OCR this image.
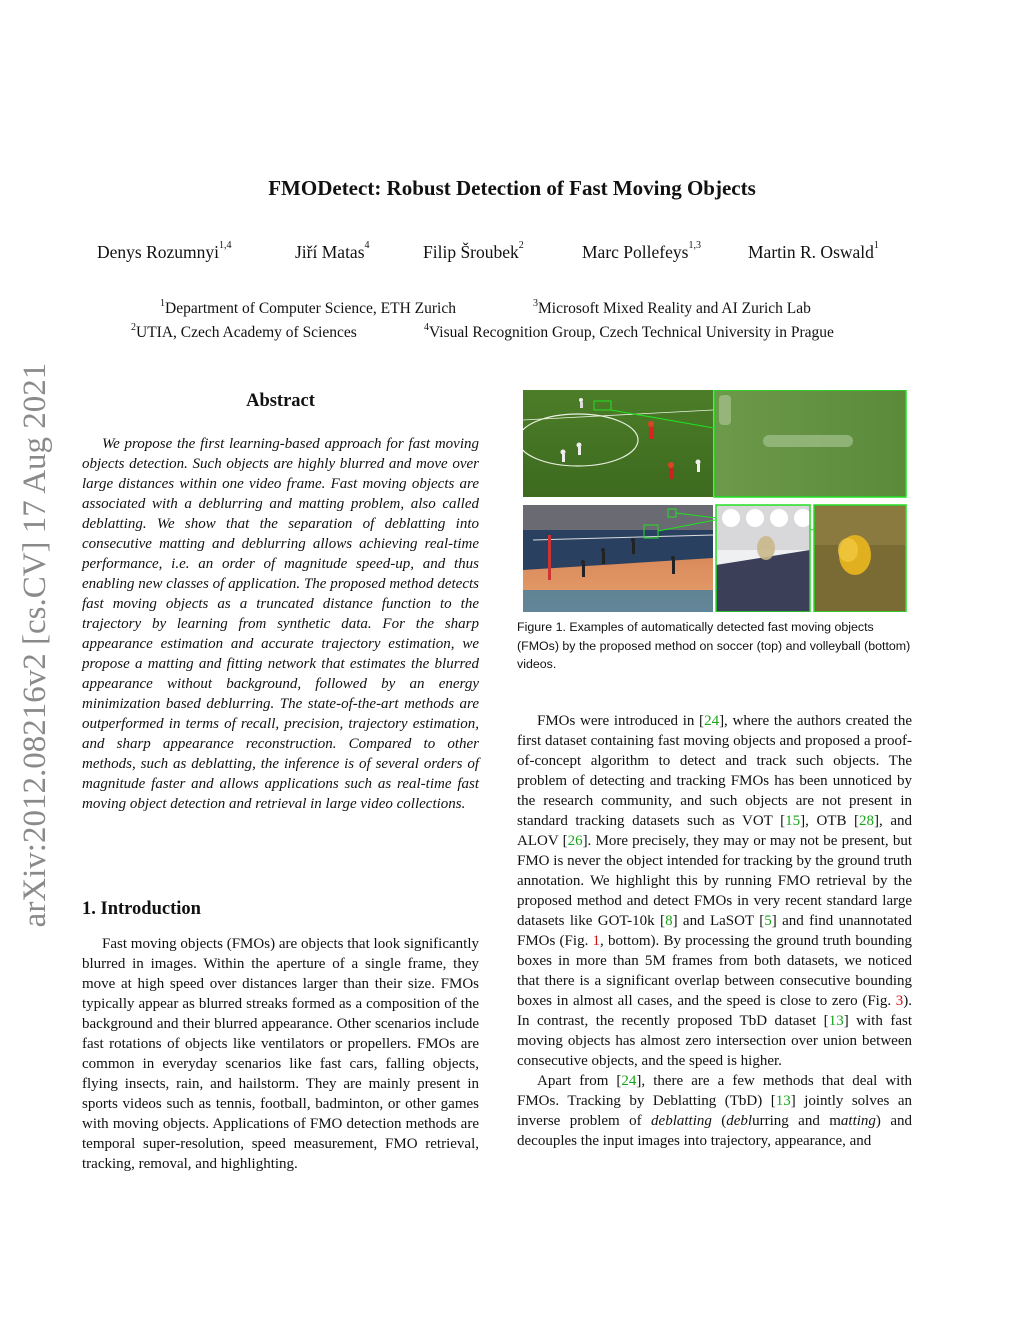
FMODetect: Robust Detection of Fast Moving Objects
Denys Rozumnyi$^{1,4}$	Jiří Matas$^4$	Filip Šroubek$^2$	Marc Pollefeys$^{1,3}$	Martin R. Oswald$^1$
$^1$Department of Computer Science, ETH Zurich	$^3$Microsoft Mixed Reality and AI Zurich Lab
$^2$UTIA, Czech Academy of Sciences	$^4$Visual Recognition Group, Czech Technical University in Prague
arXiv:2012.08216v2 [cs.CV] 17 Aug 2021	Abstract
We propose the first learning-based approach for fast moving objects detection. Such objects are highly blurred and move over large distances within one video frame. Fast moving objects are associated with a deblurring and matting problem, also called deblatting. We show that the separation of deblatting into consecutive matting and deblurring allows achieving real-time performance, i.e. an order of magnitude speed-up, and thus enabling new classes of application. The proposed method detects fast moving objects as a truncated distance function to the trajectory by learning from synthetic data. For the sharp appearance estimation and accurate trajectory estimation, we propose a matting and fitting network that estimates the blurred appearance without background, followed by an energy minimization based deblurring. The state-of-the-art methods are outperformed in terms of recall, precision, trajectory estimation, and sharp appearance reconstruction. Compared to other methods, such as deblatting, the inference is of several orders of magnitude faster and allows applications such as real-time fast moving object detection and retrieval in large video collections.
1. Introduction
Fast moving objects (FMOs) are objects that look significantly blurred in images. Within the aperture of a single frame, they move at high speed over distances larger than their size. FMOs typically appear as blurred streaks formed as a composition of the background and their blurred appearance. Other scenarios include fast rotations of objects like ventilators or propellers. FMOs are common in everyday scenarios like fast cars, falling objects, flying insects, rain, and hailstorm. They are mainly present in sports videos such as tennis, football, badminton, or other games with moving objects. Applications of FMO detection methods are temporal super-resolution, speed measurement, FMO retrieval, tracking, removal, and highlighting.
Figure 1. Examples of automatically detected fast moving objects (FMOs) by the proposed method on soccer (top) and volleyball (bottom) videos.

FMOs were introduced in [24], where the authors created the first dataset containing fast moving objects and proposed a proof-of-concept algorithm to detect and track such objects. The problem of detecting and tracking FMOs has been unnoticed by the research community, and such objects are not present in standard tracking datasets such as VOT [15], OTB [28], and ALOV [26]. More precisely, they may or may not be present, but FMO is never the object intended for tracking by the ground truth annotation. We highlight this by running FMO retrieval by the proposed method and detect FMOs in very recent standard large datasets like GOT-10k [8] and LaSOT [5] and find unannotated FMOs (Fig. 1, bottom). By processing the ground truth bounding boxes in more than 5M frames from both datasets, we noticed that there is a significant overlap between consecutive bounding boxes in almost all cases, and the speed is close to zero (Fig. 3). In contrast, the recently proposed TbD dataset [13] with fast moving objects has almost zero intersection over union between consecutive objects, and the speed is higher.

Apart from [24], there are a few methods that deal with FMOs. Tracking by Deblatting (TbD) [13] jointly solves an inverse problem of deblatting (deblurring and matting) and decouples the input images into trajectory, appearance, and
